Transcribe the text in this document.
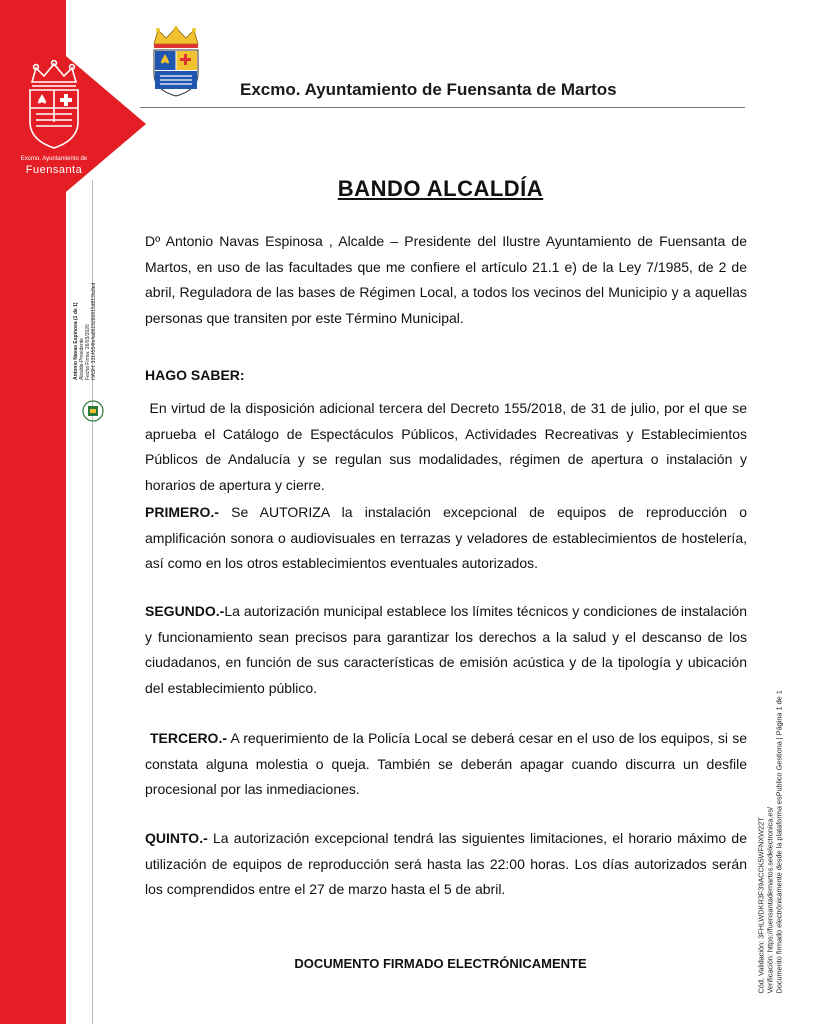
Excmo. Ayuntamiento de
Fuensanta
Antonio Navas Espinosa (1 de 1) Alcalde-Presidente Fecha Firma: 26/03/2026 HASH: 3314554fe4a8619280815d813fa9ed
Cód. Validación: 3FHLWDKR3F39ACCK5WFNXW22T Verificación: https://fuensantademartos.sedelectronica.es/ Documento firmado electrónicamente desde la plataforma esPublico Gestiona | Página 1 de 1
Excmo. Ayuntamiento de Fuensanta de Martos
BANDO ALCALDÍA
Dº Antonio Navas Espinosa , Alcalde – Presidente del Ilustre Ayuntamiento de Fuensanta de Martos, en uso de las facultades que me confiere el artículo 21.1 e) de la Ley 7/1985, de 2 de abril, Reguladora de las bases de Régimen Local, a todos los vecinos del Municipio y a aquellas personas que transiten por este Término Municipal.
HAGO SABER:
En virtud de la disposición adicional tercera del Decreto 155/2018, de 31 de julio, por el que se aprueba el Catálogo de Espectáculos Públicos, Actividades Recreativas y Establecimientos Públicos de Andalucía y se regulan sus modalidades, régimen de apertura o instalación y horarios de apertura y cierre.
PRIMERO.- Se AUTORIZA la instalación excepcional de equipos de reproducción o amplificación sonora o audiovisuales en terrazas y veladores de establecimientos de hostelería, así como en los otros establecimientos eventuales autorizados.
SEGUNDO.-La autorización municipal establece los límites técnicos y condiciones de instalación y funcionamiento sean precisos para garantizar los derechos a la salud y el descanso de los ciudadanos, en función de sus características de emisión acústica y de la tipología y ubicación del establecimiento público.
TERCERO.- A requerimiento de la Policía Local se deberá cesar en el uso de los equipos, si se constata alguna molestia o queja. También se deberán apagar cuando discurra un desfile procesional por las inmediaciones.
QUINTO.- La autorización excepcional tendrá las siguientes limitaciones, el horario máximo de utilización de equipos de reproducción será hasta las 22:00 horas. Los días autorizados serán los comprendidos entre el 27 de marzo hasta el 5 de abril.
DOCUMENTO FIRMADO ELECTRÓNICAMENTE
